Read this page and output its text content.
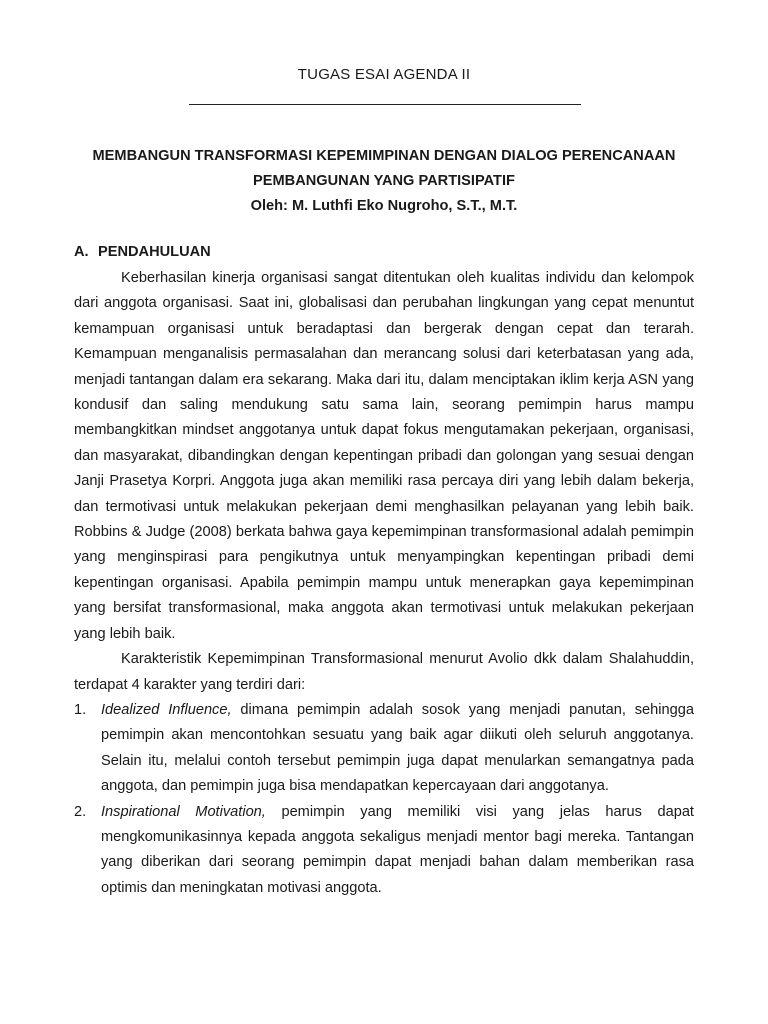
TUGAS ESAI AGENDA II
MEMBANGUN TRANSFORMASI KEPEMIMPINAN DENGAN DIALOG PERENCANAAN PEMBANGUNAN YANG PARTISIPATIF
Oleh: M. Luthfi Eko Nugroho, S.T., M.T.
A. PENDAHULUAN

Keberhasilan kinerja organisasi sangat ditentukan oleh kualitas individu dan kelompok dari anggota organisasi. Saat ini, globalisasi dan perubahan lingkungan yang cepat menuntut kemampuan organisasi untuk beradaptasi dan bergerak dengan cepat dan terarah. Kemampuan menganalisis permasalahan dan merancang solusi dari keterbatasan yang ada, menjadi tantangan dalam era sekarang. Maka dari itu, dalam menciptakan iklim kerja ASN yang kondusif dan saling mendukung satu sama lain, seorang pemimpin harus mampu membangkitkan mindset anggotanya untuk dapat fokus mengutamakan pekerjaan, organisasi, dan masyarakat, dibandingkan dengan kepentingan pribadi dan golongan yang sesuai dengan Janji Prasetya Korpri. Anggota juga akan memiliki rasa percaya diri yang lebih dalam bekerja, dan termotivasi untuk melakukan pekerjaan demi menghasilkan pelayanan yang lebih baik. Robbins & Judge (2008) berkata bahwa gaya kepemimpinan transformasional adalah pemimpin yang menginspirasi para pengikutnya untuk menyampingkan kepentingan pribadi demi kepentingan organisasi. Apabila pemimpin mampu untuk menerapkan gaya kepemimpinan yang bersifat transformasional, maka anggota akan termotivasi untuk melakukan pekerjaan yang lebih baik.

Karakteristik Kepemimpinan Transformasional menurut Avolio dkk dalam Shalahuddin, terdapat 4 karakter yang terdiri dari:

1. Idealized Influence, dimana pemimpin adalah sosok yang menjadi panutan, sehingga pemimpin akan mencontohkan sesuatu yang baik agar diikuti oleh seluruh anggotanya. Selain itu, melalui contoh tersebut pemimpin juga dapat menularkan semangatnya pada anggota, dan pemimpin juga bisa mendapatkan kepercayaan dari anggotanya.
2. Inspirational Motivation, pemimpin yang memiliki visi yang jelas harus dapat mengkomunikasinnya kepada anggota sekaligus menjadi mentor bagi mereka. Tantangan yang diberikan dari seorang pemimpin dapat menjadi bahan dalam memberikan rasa optimis dan meningkatan motivasi anggota.
